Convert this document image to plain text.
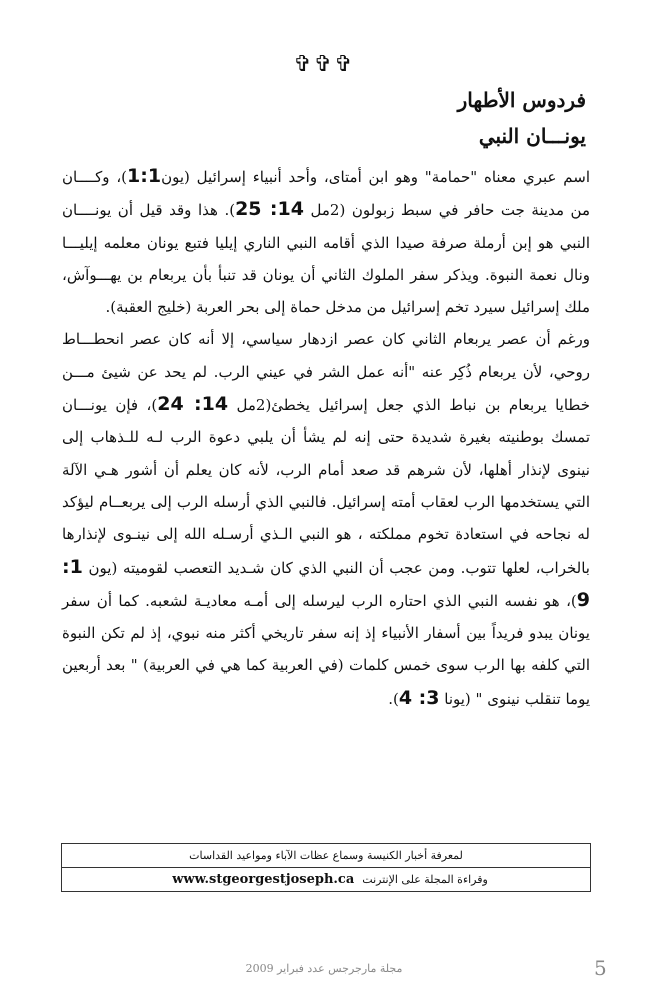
✞✞✞
فردوس الأطهار
يونـــان النبي

اسم عبري معناه "حمامة" وهو ابن أمتاى، وأحد أنبياء إسرائيل (يون1:1)، وكــــان من مدينة جت حافر في سبط زبولون (2مل 14: 25). هذا وقد قيل أن يونــــان النبي هو إبن أرملة صرفة صيدا الذي أقامه النبي الناري إيليا فتبع يونان معلمه إيليـــا ونال نعمة النبوة. ويذكر سفر الملوك الثاني أن يونان قد تنبأ بأن يربعام بن يهـــوآش، ملك إسرائيل سيرد تخم إسرائيل من مدخل حماة إلى بحر العربة (خليج العقبة).

ورغم أن عصر يربعام الثاني كان عصر ازدهار سياسي، إلا أنه كان عصر انحطـــاط روحي، لأن يربعام ذُكِر عنه "أنه عمل الشر في عيني الرب. لم يحد عن شيئ مـــن خطايا يربعام بن نباط الذي جعل إسرائيل يخطئ(2مل 14: 24)، فإن يونـــان تمسك بوطنيته بغيرة شديدة حتى إنه لم يشأ أن يلبي دعوة الرب لـه للـذهاب إلى نينوى لإنذار أهلها، لأن شرهم قد صعد أمام الرب، لأنه كان يعلم أن أشور هـي الآلة التي يستخدمها الرب لعقاب أمته إسرائيل. فالنبي الذي أرسله الرب إلى يربعــام ليؤكد له نجاحه في استعادة تخوم مملكته ، هو النبي الـذي أرسـله الله إلى نينـوى لإنذارها بالخراب، لعلها تتوب. ومن عجب أن النبي الذي كان شـديد التعصب لقوميته (يون 1: 9)، هو نفسه النبي الذي احتاره الرب ليرسله إلى أمـه معاديـة لشعبه. كما أن سفر يونان يبدو فريداً بين أسفار الأنبياء إذ إنه سفر تاريخي أكثر منه نبوي، إذ لم تكن النبوة التي كلفه بها الرب سوى خمس كلمات (في العربية كما هي في العربية) " بعد أربعين يوما تنقلب نينوى " (يونا 3: 4).

لمعرفة أخبار الكنيسة وسماع عظات الآباء ومواعيد القداسات
وقراءة المجلة على الإنترنت
www.stgeorgestjoseph.ca
مجلة مارجرجس عدد فبراير 2009	5
